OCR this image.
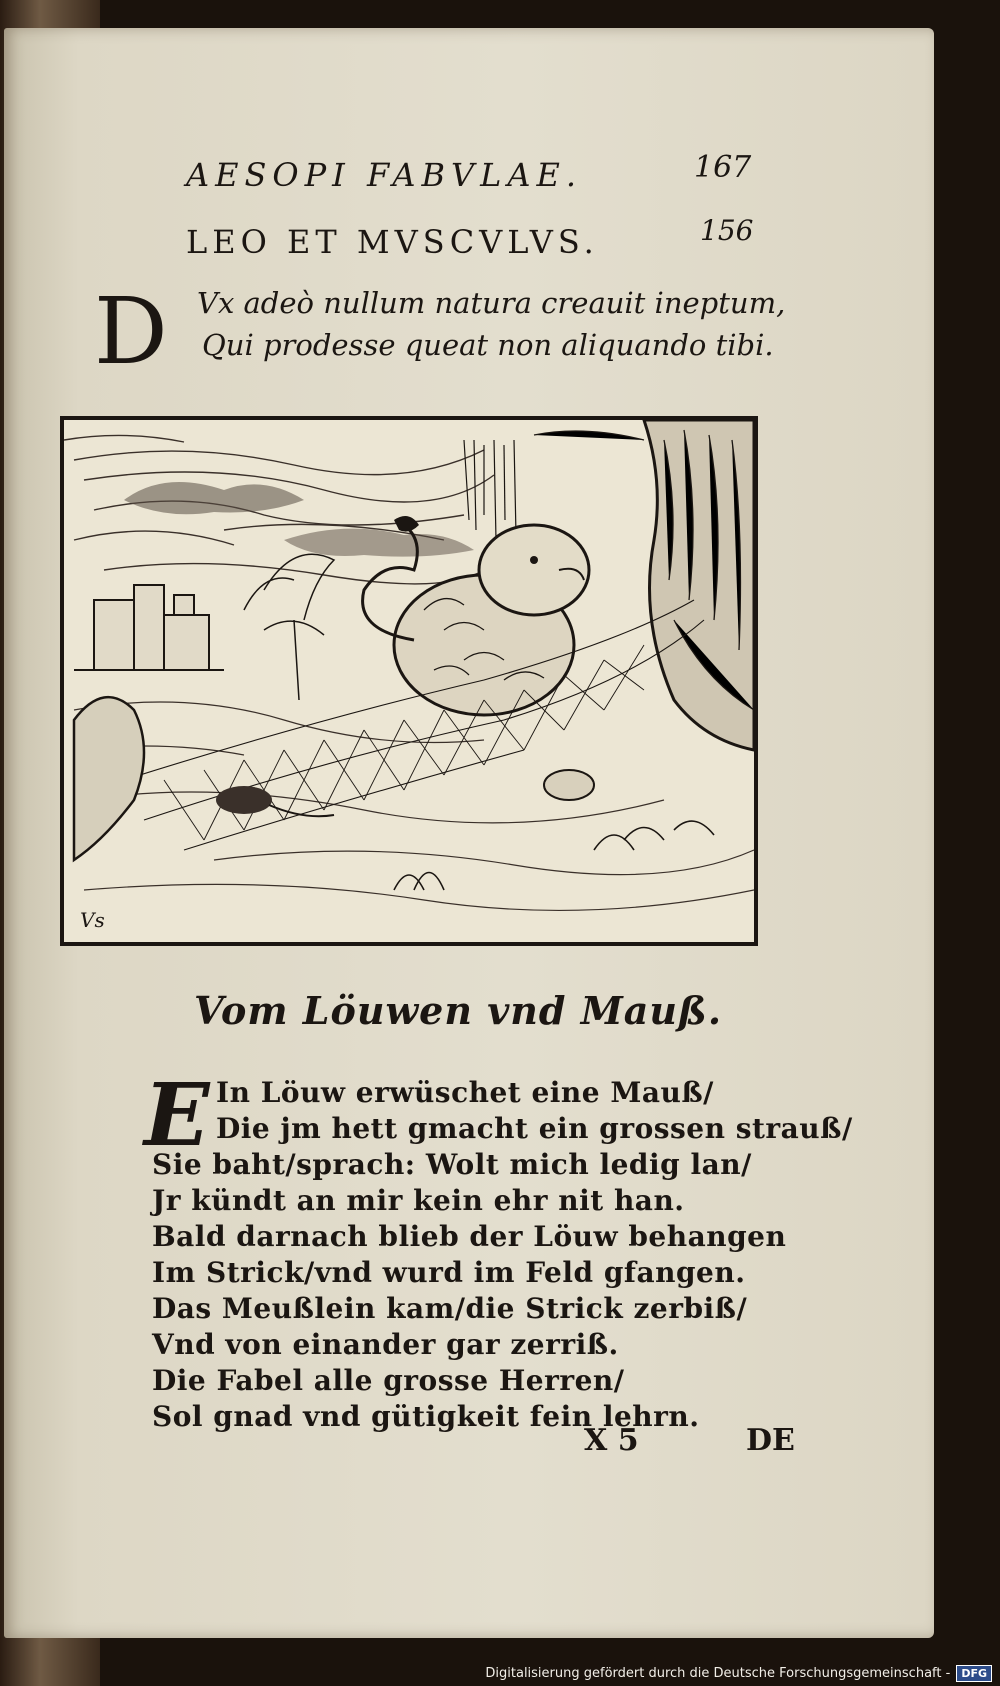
AESOPI FABVLAE.	167
LEO ET MVSCVLVS.	156
D Vx adeò nullum natura creauit ineptum,
Qui prodesse queat non aliquando tibi.
Vs
Vom Löuwen vnd Mauß.
E In Löuw erwüschet eine Mauß/
Die jm hett gmacht ein grossen strauß/
Sie baht/sprach: Wolt mich ledig lan/
Jr kündt an mir kein ehr nit han.
Bald darnach blieb der Löuw behangen
Im Strick/vnd wurd im Feld gfangen.
Das Meußlein kam/die Strick zerbiß/
Vnd von einander gar zerriß.
Die Fabel alle grosse Herren/
Sol gnad vnd gütigkeit fein lehrn.
X 5	DE
Digitalisierung gefördert durch die Deutsche Forschungsgemeinschaft -	DFG
